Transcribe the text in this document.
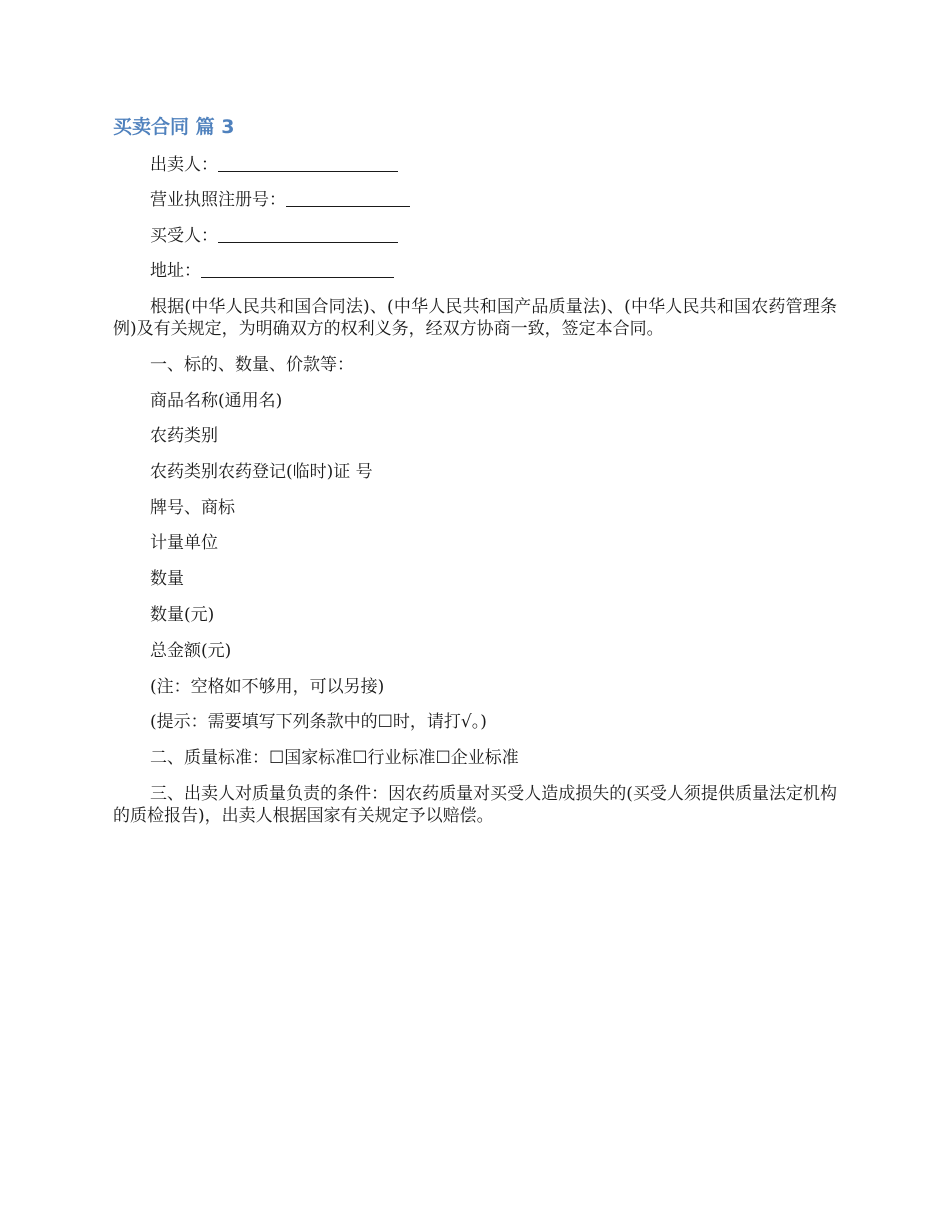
买卖合同 篇 3
出卖人：
营业执照注册号：
买受人：
地址：
根据(中华人民共和国合同法)、(中华人民共和国产品质量法)、(中华人民共和国农药管理条例)及有关规定，为明确双方的权利义务，经双方协商一致，签定本合同。
一、标的、数量、价款等：
商品名称(通用名)
农药类别
农药类别农药登记(临时)证 号
牌号、商标
计量单位
数量
数量(元)
总金额(元)
(注：空格如不够用，可以另接)
(提示：需要填写下列条款中的☐时，请打√。)
二、质量标准：☐国家标准☐行业标准☐企业标准
三、出卖人对质量负责的条件：因农药质量对买受人造成损失的(买受人须提供质量法定机构的质检报告)，出卖人根据国家有关规定予以赔偿。
